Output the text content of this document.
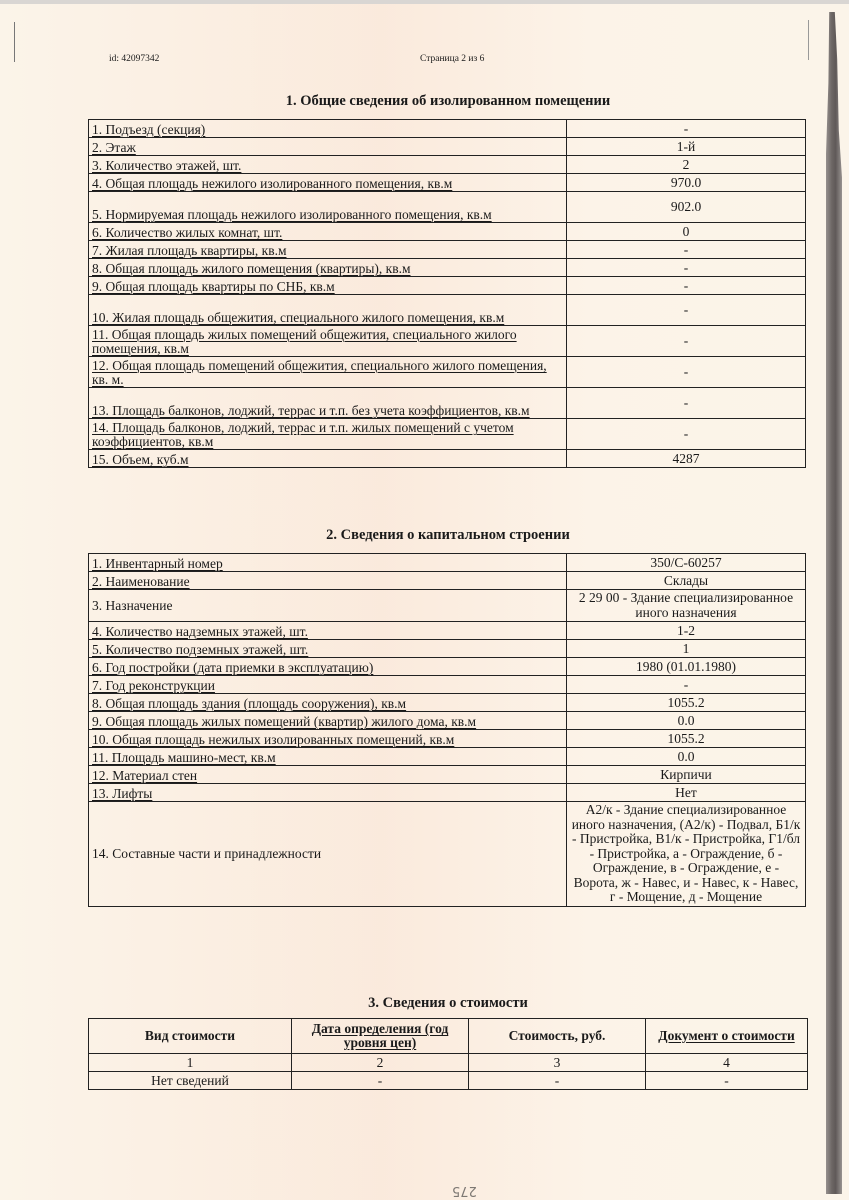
id: 42097342	Страница 2 из 6
1. Общие сведения об изолированном помещении
1. Подъезд (секция)	-
2. Этаж	1-й
3. Количество этажей, шт.	2
4. Общая площадь нежилого изолированного помещения, кв.м	970.0
5. Нормируемая площадь нежилого изолированного помещения, кв.м	902.0
6. Количество жилых комнат, шт.	0
7. Жилая площадь квартиры, кв.м	-
8. Общая площадь жилого помещения (квартиры), кв.м	-
9. Общая площадь квартиры по СНБ, кв.м	-
10. Жилая площадь общежития, специального жилого помещения, кв.м	-
11. Общая площадь жилых помещений общежития, специального жилого помещения, кв.м	-
12. Общая площадь помещений общежития, специального жилого помещения, кв. м.	-
13. Площадь балконов, лоджий, террас и т.п. без учета коэффициентов, кв.м	-
14. Площадь балконов, лоджий, террас и т.п. жилых помещений с учетом коэффициентов, кв.м	-
15. Объем, куб.м	4287
2. Сведения о капитальном строении
1. Инвентарный номер	350/С-60257
2. Наименование	Склады
3. Назначение	2 29 00 - Здание специализированное иного назначения
4. Количество надземных этажей, шт.	1-2
5. Количество подземных этажей, шт.	1
6. Год постройки (дата приемки в эксплуатацию)	1980 (01.01.1980)
7. Год реконструкции	-
8. Общая площадь здания (площадь сооружения), кв.м	1055.2
9. Общая площадь жилых помещений (квартир) жилого дома, кв.м	0.0
10. Общая площадь нежилых изолированных помещений, кв.м	1055.2
11. Площадь машино-мест, кв.м	0.0
12. Материал стен	Кирпичи
13. Лифты	Нет
14. Составные части и принадлежности	А2/к - Здание специализированное иного назначения, (А2/к) - Подвал, Б1/к - Пристройка, В1/к - Пристройка, Г1/бл - Пристройка, а - Ограждение, б - Ограждение, в - Ограждение, е - Ворота, ж - Навес, и - Навес, к - Навес, г - Мощение, д - Мощение
3. Сведения о стоимости
Вид стоимости	Дата определения (год уровня цен)	Стоимость, руб.	Документ о стоимости
1	2	3	4
Нет сведений	-	-	-
275
